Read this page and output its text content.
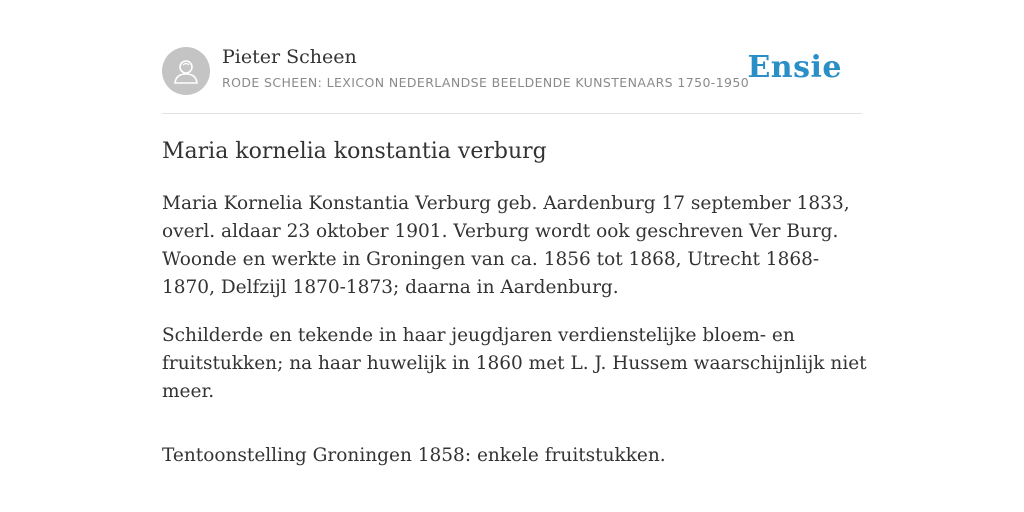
Pieter Scheen
RODE SCHEEN: LEXICON NEDERLANDSE BEELDENDE KUNSTENAARS 1750-1950
Ensie
Maria kornelia konstantia verburg

Maria Kornelia Konstantia Verburg geb. Aardenburg 17 september 1833, overl. aldaar 23 oktober 1901. Verburg wordt ook geschreven Ver Burg. Woonde en werkte in Groningen van ca. 1856 tot 1868, Utrecht 1868-1870, Delfzijl 1870-1873; daarna in Aardenburg.

Schilderde en tekende in haar jeugdjaren verdienstelijke bloem- en fruitstukken; na haar huwelijk in 1860 met L. J. Hussem waarschijnlijk niet meer.

Tentoonstelling Groningen 1858: enkele fruitstukken.
